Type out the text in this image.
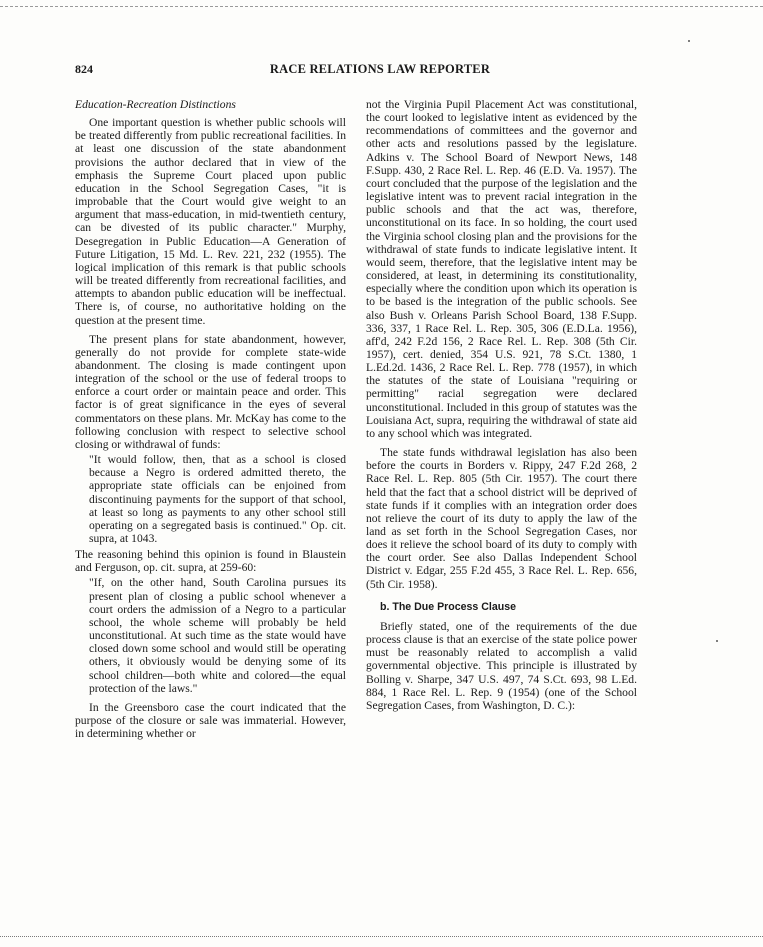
824	RACE RELATIONS LAW REPORTER

Education-Recreation Distinctions

One important question is whether public schools will be treated differently from public recreational facilities. In at least one discussion of the state abandonment provisions the author declared that in view of the emphasis the Supreme Court placed upon public education in the School Segregation Cases, "it is improbable that the Court would give weight to an argument that mass-education, in mid-twentieth century, can be divested of its public character." Murphy, Desegregation in Public Education—A Generation of Future Litigation, 15 Md. L. Rev. 221, 232 (1955). The logical implication of this remark is that public schools will be treated differently from recreational facilities, and attempts to abandon public education will be ineffectual. There is, of course, no authoritative holding on the question at the present time.

The present plans for state abandonment, however, generally do not provide for complete state-wide abandonment. The closing is made contingent upon integration of the school or the use of federal troops to enforce a court order or maintain peace and order. This factor is of great significance in the eyes of several commentators on these plans. Mr. McKay has come to the following conclusion with respect to selective school closing or withdrawal of funds:

"It would follow, then, that as a school is closed because a Negro is ordered admitted thereto, the appropriate state officials can be enjoined from discontinuing payments for the support of that school, at least so long as payments to any other school still operating on a segregated basis is continued." Op. cit. supra, at 1043.

The reasoning behind this opinion is found in Blaustein and Ferguson, op. cit. supra, at 259-60:

"If, on the other hand, South Carolina pursues its present plan of closing a public school whenever a court orders the admission of a Negro to a particular school, the whole scheme will probably be held unconstitutional. At such time as the state would have closed down some school and would still be operating others, it obviously would be denying some of its school children—both white and colored—the equal protection of the laws."

In the Greensboro case the court indicated that the purpose of the closure or sale was immaterial. However, in determining whether or

not the Virginia Pupil Placement Act was constitutional, the court looked to legislative intent as evidenced by the recommendations of committees and the governor and other acts and resolutions passed by the legislature. Adkins v. The School Board of Newport News, 148 F.Supp. 430, 2 Race Rel. L. Rep. 46 (E.D. Va. 1957). The court concluded that the purpose of the legislation and the legislative intent was to prevent racial integration in the public schools and that the act was, therefore, unconstitutional on its face. In so holding, the court used the Virginia school closing plan and the provisions for the withdrawal of state funds to indicate legislative intent. It would seem, therefore, that the legislative intent may be considered, at least, in determining its constitutionality, especially where the condition upon which its operation is to be based is the integration of the public schools. See also Bush v. Orleans Parish School Board, 138 F.Supp. 336, 337, 1 Race Rel. L. Rep. 305, 306 (E.D.La. 1956), aff'd, 242 F.2d 156, 2 Race Rel. L. Rep. 308 (5th Cir. 1957), cert. denied, 354 U.S. 921, 78 S.Ct. 1380, 1 L.Ed.2d. 1436, 2 Race Rel. L. Rep. 778 (1957), in which the statutes of the state of Louisiana "requiring or permitting" racial segregation were declared unconstitutional. Included in this group of statutes was the Louisiana Act, supra, requiring the withdrawal of state aid to any school which was integrated.

The state funds withdrawal legislation has also been before the courts in Borders v. Rippy, 247 F.2d 268, 2 Race Rel. L. Rep. 805 (5th Cir. 1957). The court there held that the fact that a school district will be deprived of state funds if it complies with an integration order does not relieve the court of its duty to apply the law of the land as set forth in the School Segregation Cases, nor does it relieve the school board of its duty to comply with the court order. See also Dallas Independent School District v. Edgar, 255 F.2d 455, 3 Race Rel. L. Rep. 656, (5th Cir. 1958).

b. The Due Process Clause

Briefly stated, one of the requirements of the due process clause is that an exercise of the state police power must be reasonably related to accomplish a valid governmental objective. This principle is illustrated by Bolling v. Sharpe, 347 U.S. 497, 74 S.Ct. 693, 98 L.Ed. 884, 1 Race Rel. L. Rep. 9 (1954) (one of the School Segregation Cases, from Washington, D. C.):
